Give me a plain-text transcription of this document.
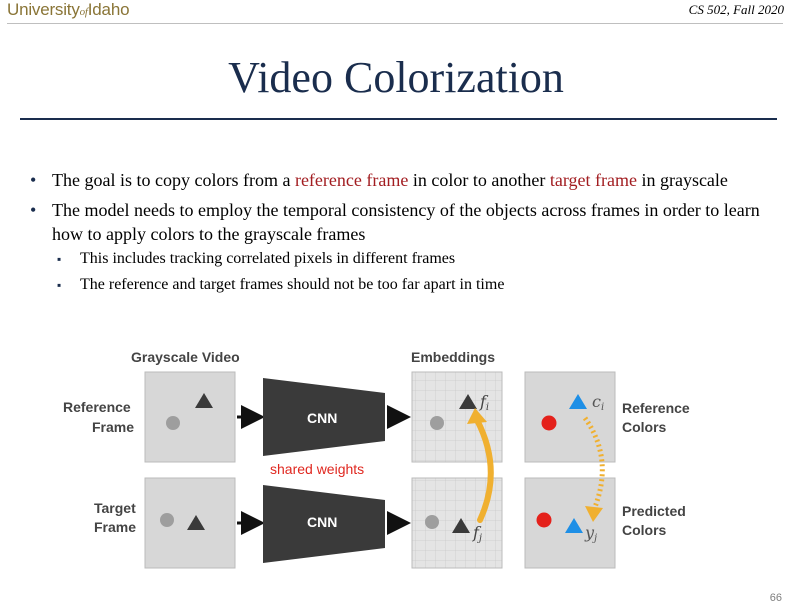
UniversityofIdaho	CS 502, Fall 2020
Video Colorization

• The goal is to copy colors from a reference frame in color to another target frame in grayscale

• The model needs to employ the temporal consistency of the objects across frames in order to learn how to apply colors to the grayscale frames

▪ This includes tracking correlated pixels in different frames

▪ The reference and target frames should not be too far apart in time

Grayscale Video	Embeddings
Reference
Frame
Target
Frame
CNN
CNN
shared weights
fi
fj
ci
yj
Reference
Colors
Predicted
Colors
66
